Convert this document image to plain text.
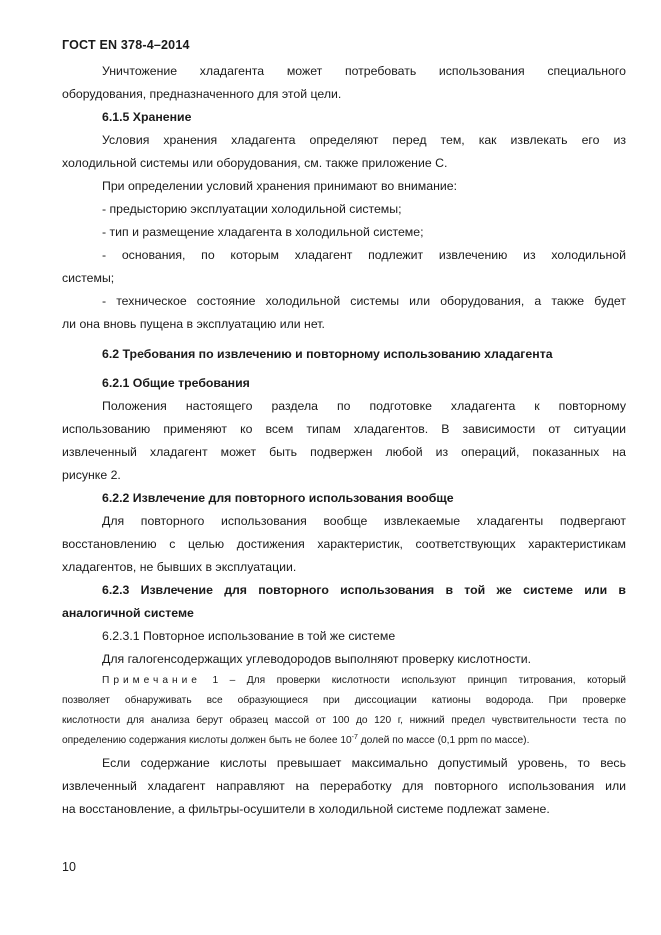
ГОСТ EN 378-4–2014
Уничтожение хладагента может потребовать использования специального
оборудования, предназначенного для этой цели.
6.1.5 Хранение
Условия хранения хладагента определяют перед тем, как извлекать его из
холодильной системы или оборудования, см. также приложение С.
При определении условий хранения принимают во внимание:
- предысторию эксплуатации холодильной системы;
- тип и размещение хладагента в холодильной системе;
- основания, по которым хладагент подлежит извлечению из холодильной
системы;
- техническое состояние холодильной системы или оборудования, а также будет
ли она вновь пущена в эксплуатацию или нет.
6.2 Требования по извлечению и повторному использованию хладагента
6.2.1 Общие требования
Положения настоящего раздела по подготовке хладагента к повторному
использованию применяют ко всем типам хладагентов. В зависимости от ситуации
извлеченный хладагент может быть подвержен любой из операций, показанных на
рисунке 2.
6.2.2 Извлечение для повторного использования вообще
Для повторного использования вообще извлекаемые хладагенты подвергают
восстановлению с целью достижения характеристик, соответствующих характеристикам
хладагентов, не бывших в эксплуатации.
6.2.3 Извлечение для повторного использования в той же системе или в
аналогичной системе
6.2.3.1 Повторное использование в той же системе
Для галогенсодержащих углеводородов выполняют проверку кислотности.
Примечание 1 – Для проверки кислотности используют принцип титрования, который
позволяет обнаруживать все образующиеся при диссоциации катионы водорода. При проверке
кислотности для анализа берут образец массой от 100 до 120 г, нижний предел чувствительности теста по
определению содержания кислоты должен быть не более $10^{-7}$ долей по массе (0,1 ppm по массе).
Если содержание кислоты превышает максимально допустимый уровень, то весь
извлеченный хладагент направляют на переработку для повторного использования или
на восстановление, а фильтры-осушители в холодильной системе подлежат замене.
10
